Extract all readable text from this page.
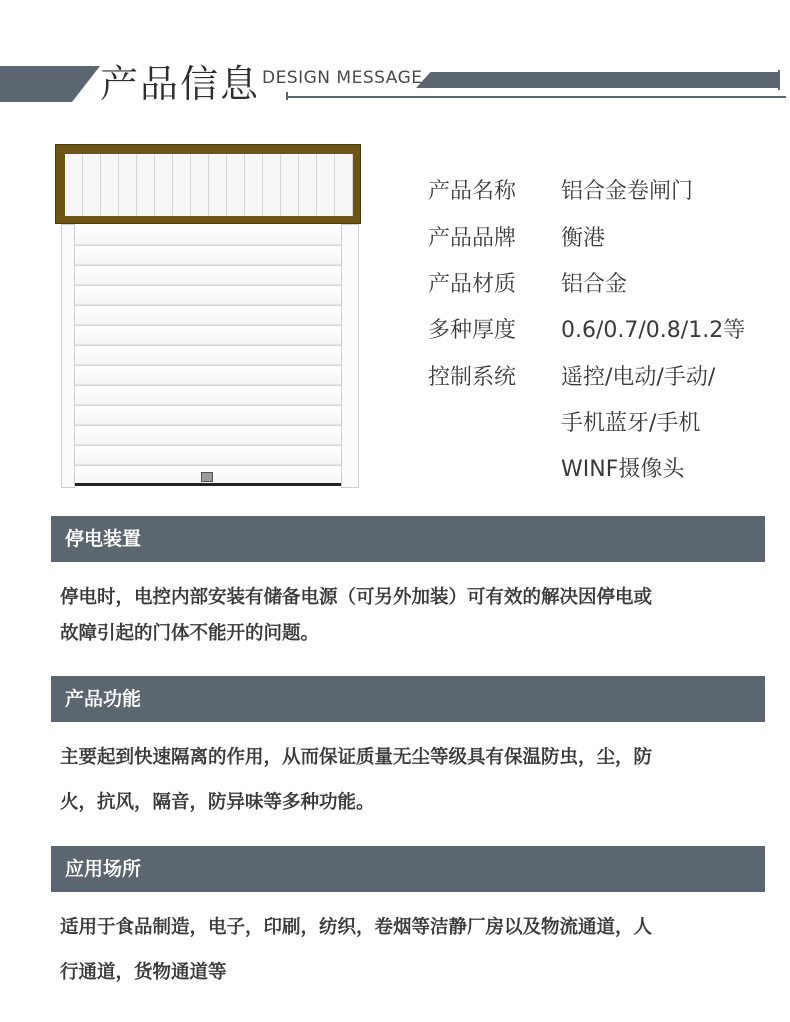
产品信息 DESIGN MESSAGE
产品名称 铝合金卷闸门
产品品牌 衡港
产品材质 铝合金
多种厚度 0.6/0.7/0.8/1.2等
控制系统 遥控/电动/手动/
手机蓝牙/手机
WINF摄像头
停电装置
停电时，电控内部安装有储备电源（可另外加装）可有效的解决因停电或
故障引起的门体不能开的问题。
产品功能
主要起到快速隔离的作用，从而保证质量无尘等级具有保温防虫，尘，防
火，抗风，隔音，防异味等多种功能。
应用场所
适用于食品制造，电子，印刷，纺织，卷烟等洁静厂房以及物流通道，人
行通道，货物通道等
